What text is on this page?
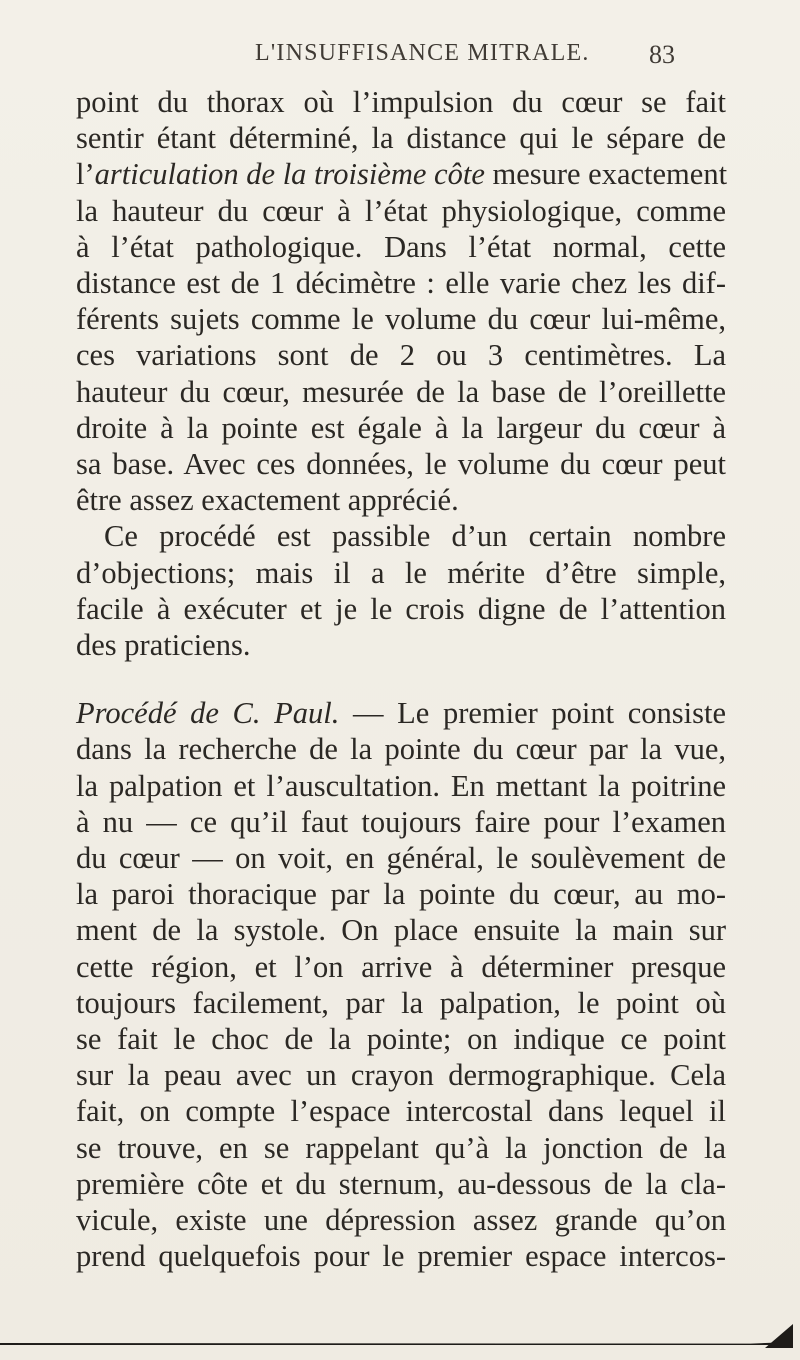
L'INSUFFISANCE MITRALE. 83
point du thorax où l’impulsion du cœur se fait
sentir étant déterminé, la distance qui le sépare de
l’articulation de la troisième côte mesure exactement
la hauteur du cœur à l’état physiologique, comme
à l’état pathologique. Dans l’état normal, cette
distance est de 1 décimètre : elle varie chez les dif-
férents sujets comme le volume du cœur lui-même,
ces variations sont de 2 ou 3 centimètres. La
hauteur du cœur, mesurée de la base de l’oreillette
droite à la pointe est égale à la largeur du cœur à
sa base. Avec ces données, le volume du cœur peut
être assez exactement apprécié.
Ce procédé est passible d’un certain nombre
d’objections; mais il a le mérite d’être simple,
facile à exécuter et je le crois digne de l’attention
des praticiens.
Procédé de C. Paul. — Le premier point consiste
dans la recherche de la pointe du cœur par la vue,
la palpation et l’auscultation. En mettant la poitrine
à nu — ce qu’il faut toujours faire pour l’examen
du cœur — on voit, en général, le soulèvement de
la paroi thoracique par la pointe du cœur, au mo-
ment de la systole. On place ensuite la main sur
cette région, et l’on arrive à déterminer presque
toujours facilement, par la palpation, le point où
se fait le choc de la pointe; on indique ce point
sur la peau avec un crayon dermographique. Cela
fait, on compte l’espace intercostal dans lequel il
se trouve, en se rappelant qu’à la jonction de la
première côte et du sternum, au-dessous de la cla-
vicule, existe une dépression assez grande qu’on
prend quelquefois pour le premier espace intercos-
